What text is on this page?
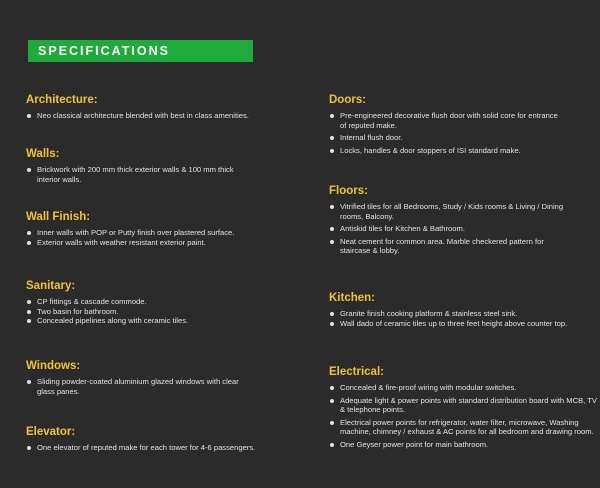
SPECIFICATIONS
Architecture:
Neo classical architecture blended with best in class amenities.
Walls:
Brickwork with 200 mm thick exterior walls & 100 mm thick interior walls.
Wall Finish:
Inner walls with POP or Putty finish over plastered surface.
Exterior walls with weather resistant exterior paint.
Sanitary:
CP fittings & cascade commode.
Two basin for bathroom.
Concealed pipelines along with ceramic tiles.
Windows:
Sliding powder-coated aluminium glazed windows with clear glass panes.
Elevator:
One elevator of reputed make for each tower for 4-6 passengers.
Doors:
Pre-engineered decorative flush door with solid core for entrance of reputed make.
Internal flush door.
Locks, handles & door stoppers of ISI standard make.
Floors:
Vitrified tiles for all Bedrooms, Study / Kids rooms & Living / Dining rooms, Balcony.
Antiskid tiles for Kitchen & Bathroom.
Neat cement for common area. Marble checkered pattern for staircase & lobby.
Kitchen:
Granite finish cooking platform & stainless steel sink.
Wall dado of ceramic tiles up to three feet height above counter top.
Electrical:
Concealed & fire-proof wiring with modular switches.
Adequate light & power points with standard distribution board with MCB, TV & telephone points.
Electrical power points for refrigerator, water filter, microwave, Washing machine, chimney / exhaust & AC points for all bedroom and drawing room.
One Geyser power point for main bathroom.
